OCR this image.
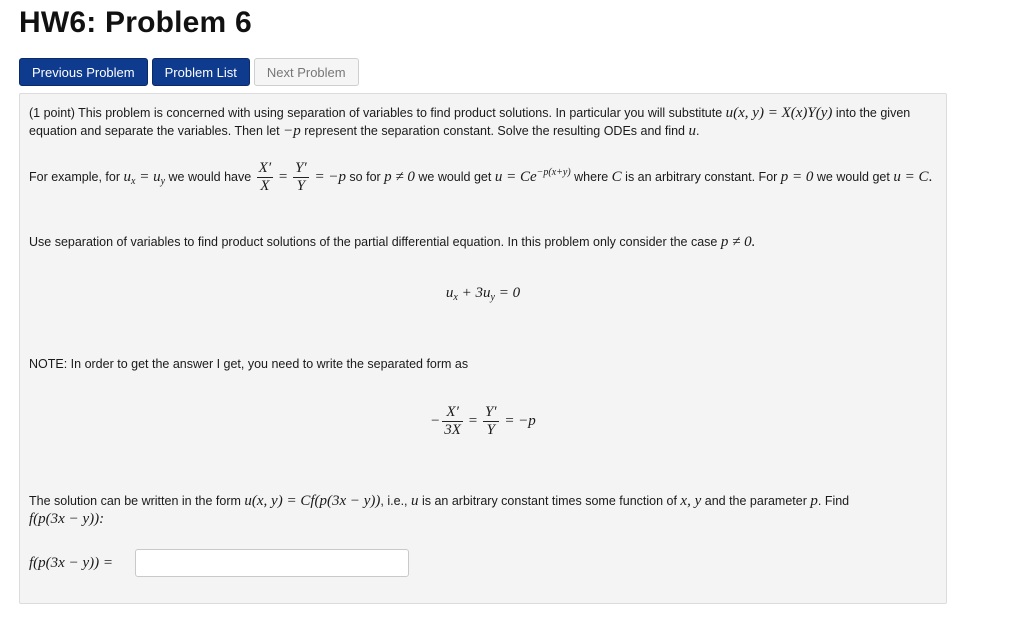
HW6: Problem 6
Previous Problem	Problem List	Next Problem
(1 point) This problem is concerned with using separation of variables to find product solutions. In particular you will substitute u(x, y) = X(x)Y(y) into the given equation and separate the variables. Then let −p represent the separation constant. Solve the resulting ODEs and find u.
For example, for $u_x = u_y$ we would have $\frac{X'}{X} = \frac{Y'}{Y} = -p$ so for p ≠ 0 we would get $u = Ce^{-p(x+y)}$ where C is an arbitrary constant. For p = 0 we would get u = C.
Use separation of variables to find product solutions of the partial differential equation. In this problem only consider the case p ≠ 0.
$u_x + 3u_y = 0$
NOTE: In order to get the answer I get, you need to write the separated form as
− $\frac{X'}{3X} = \frac{Y'}{Y} = -p$
The solution can be written in the form u(x, y) = Cf(p(3x − y)), i.e., u is an arbitrary constant times some function of x, y and the parameter p. Find
f(p(3x − y)):
f(p(3x − y)) =
